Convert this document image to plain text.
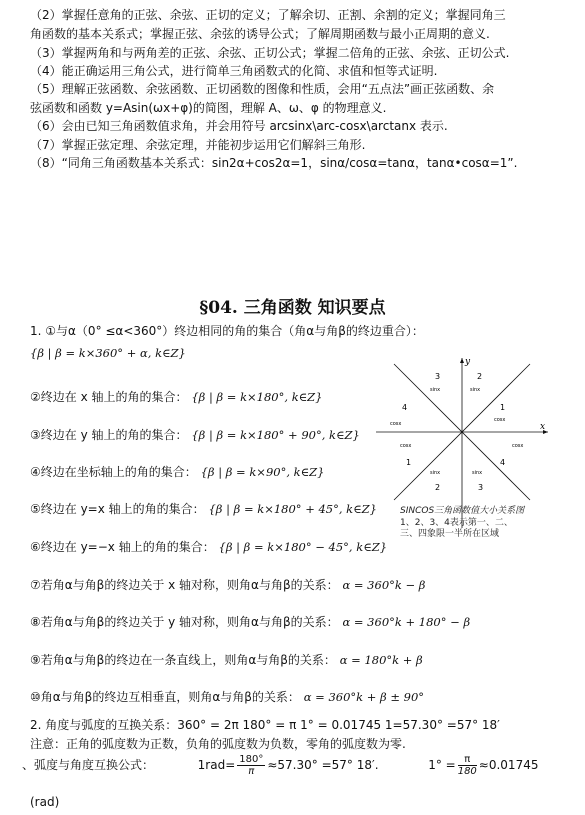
（2）掌握任意角的正弦、余弦、正切的定义；了解余切、正割、余割的定义；掌握同角三
角函数的基本关系式；掌握正弦、余弦的诱导公式；了解周期函数与最小正周期的意义.
（3）掌握两角和与两角差的正弦、余弦、正切公式；掌握二倍角的正弦、余弦、正切公式.
（4）能正确运用三角公式，进行简单三角函数式的化简、求值和恒等式证明.
（5）理解正弦函数、余弦函数、正切函数的图像和性质，会用“五点法”画正弦函数、余
弦函数和函数 y=Asin(ωx+φ)的简图，理解 A、ω、φ 的物理意义.
（6）会由已知三角函数值求角，并会用符号 arcsinx\arc-cosx\arctanx 表示.
（7）掌握正弦定理、余弦定理，并能初步运用它们解斜三角形.
（8）“同角三角函数基本关系式：sin2α+cos2α=1，sinα/cosα=tanα，tanα•cosα=1”.
§04. 三角函数 知识要点
1. ①与α（0° ≤α<360°）终边相同的角的集合（角α与角β的终边重合）：
{β | β = k×360° + α, k∈Z}
②终边在 x 轴上的角的集合： {β | β = k×180°, k∈Z}
③终边在 y 轴上的角的集合： {β | β = k×180° + 90°, k∈Z}
④终边在坐标轴上的角的集合： {β | β = k×90°, k∈Z}
⑤终边在 y=x 轴上的角的集合： {β | β = k×180° + 45°, k∈Z}
⑥终边在 y=−x 轴上的角的集合： {β | β = k×180° − 45°, k∈Z}
⑦若角α与角β的终边关于 x 轴对称，则角α与角β的关系： α = 360°k − β
⑧若角α与角β的终边关于 y 轴对称，则角α与角β的关系： α = 360°k + 180° − β
⑨若角α与角β的终边在一条直线上，则角α与角β的关系： α = 180°k + β
⑩角α与角β的终边互相垂直，则角α与角β的关系： α = 360°k + β ± 90°
2. 角度与弧度的互换关系：360° = 2π 180° = π 1° = 0.01745 1=57.30° =57° 18′
注意：正角的弧度数为正数，负角的弧度数为负数，零角的弧度数为零.
、弧度与角度互换公式：	$1rad= \frac{180^\circ}{\pi} \approx 57.30^\circ =57^\circ$ 18′.	$1^\circ = \frac{\pi}{180} \approx 0.01745$
(rad)
y
x
3	2
4	1
1	4
2	3
sinx	sinx
cosx
cosx
cosx	cosx
sinx	sinx
SINCOS三角函数值大小关系图
1、2、3、4表示第一、二、三、四象限一半所在区域
